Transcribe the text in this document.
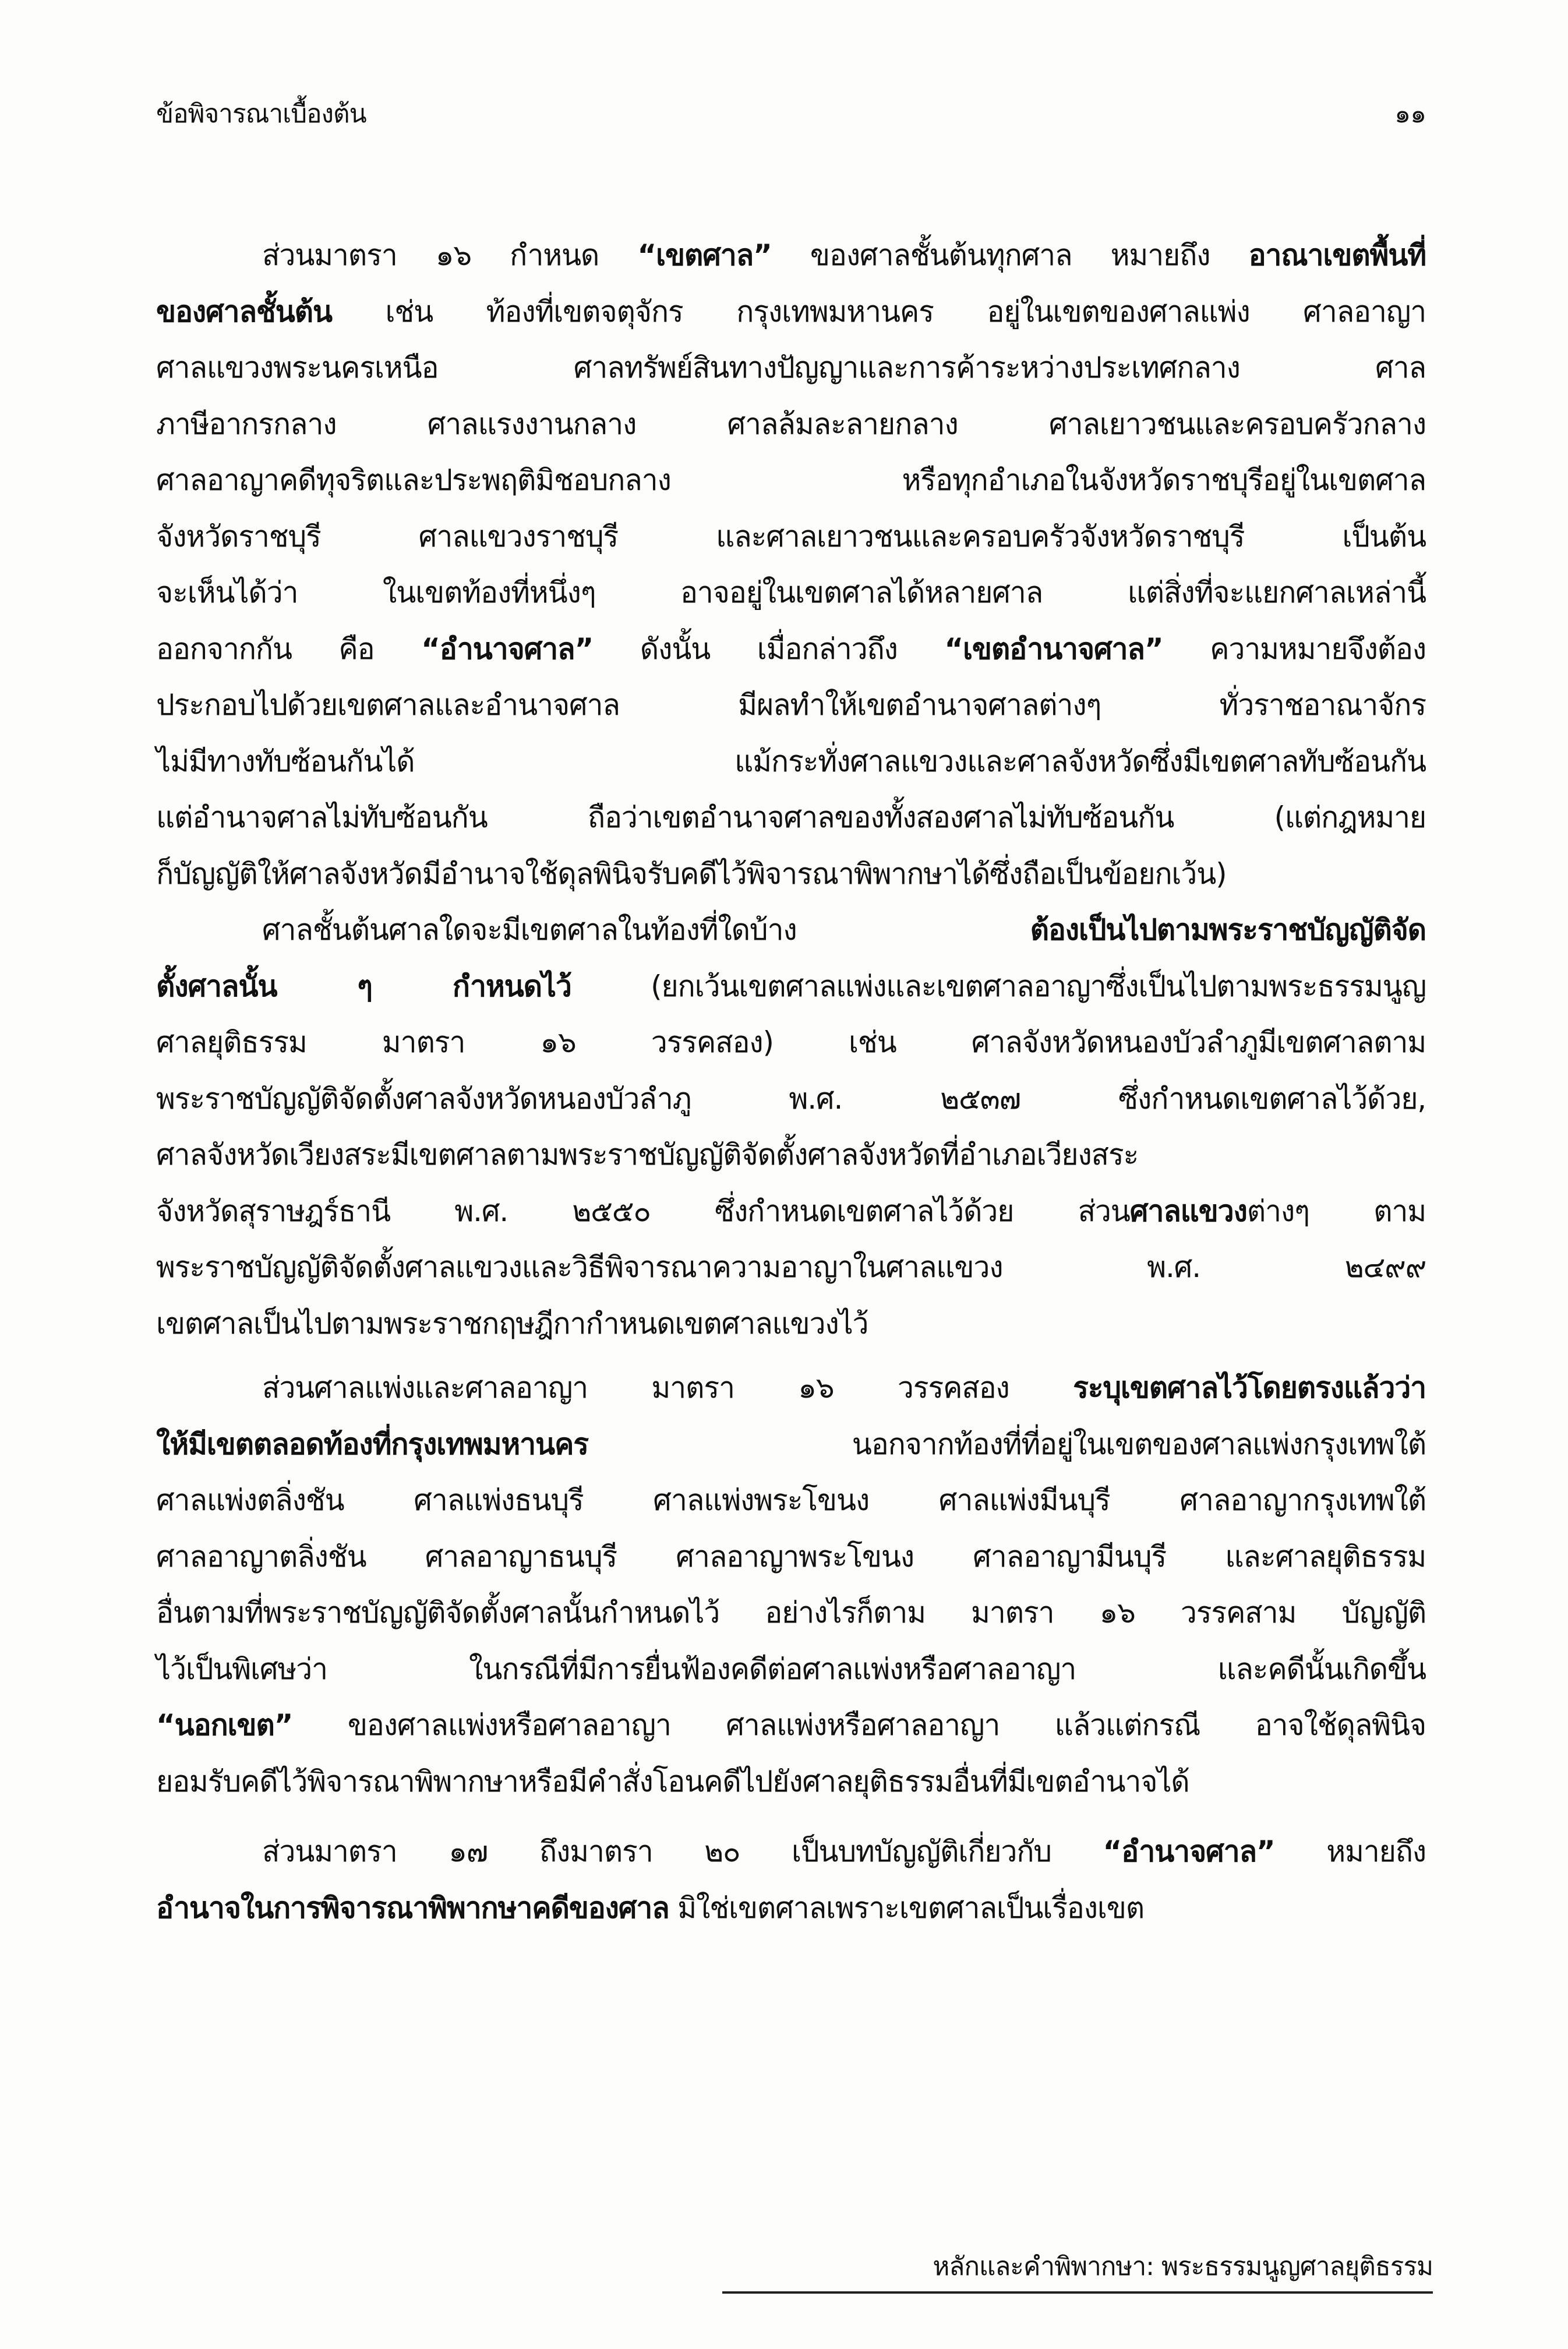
ข้อพิจารณาเบื้องต้น	๑๑
ส่วนมาตรา ๑๖ กำหนด “เขตศาล” ของศาลชั้นต้นทุกศาล หมายถึง อาณาเขตพื้นที่
ของศาลชั้นต้น เช่น ท้องที่เขตจตุจักร กรุงเทพมหานคร อยู่ในเขตของศาลแพ่ง ศาลอาญา
ศาลแขวงพระนครเหนือ ศาลทรัพย์สินทางปัญญาและการค้าระหว่างประเทศกลาง ศาล
ภาษีอากรกลาง ศาลแรงงานกลาง ศาลล้มละลายกลาง ศาลเยาวชนและครอบครัวกลาง
ศาลอาญาคดีทุจริตและประพฤติมิชอบกลาง หรือทุกอำเภอในจังหวัดราชบุรีอยู่ในเขตศาล
จังหวัดราชบุรี ศาลแขวงราชบุรี และศาลเยาวชนและครอบครัวจังหวัดราชบุรี เป็นต้น
จะเห็นได้ว่า ในเขตท้องที่หนึ่งๆ อาจอยู่ในเขตศาลได้หลายศาล แต่สิ่งที่จะแยกศาลเหล่านี้
ออกจากกัน คือ “อำนาจศาล” ดังนั้น เมื่อกล่าวถึง “เขตอำนาจศาล” ความหมายจึงต้อง
ประกอบไปด้วยเขตศาลและอำนาจศาล มีผลทำให้เขตอำนาจศาลต่างๆ ทั่วราชอาณาจักร
ไม่มีทางทับซ้อนกันได้ แม้กระทั่งศาลแขวงและศาลจังหวัดซึ่งมีเขตศาลทับซ้อนกัน
แต่อำนาจศาลไม่ทับซ้อนกัน ถือว่าเขตอำนาจศาลของทั้งสองศาลไม่ทับซ้อนกัน (แต่กฎหมาย
ก็บัญญัติให้ศาลจังหวัดมีอำนาจใช้ดุลพินิจรับคดีไว้พิจารณาพิพากษาได้ซึ่งถือเป็นข้อยกเว้น)
ศาลชั้นต้นศาลใดจะมีเขตศาลในท้องที่ใดบ้าง ต้องเป็นไปตามพระราชบัญญัติจัด
ตั้งศาลนั้น ๆ กำหนดไว้ (ยกเว้นเขตศาลแพ่งและเขตศาลอาญาซึ่งเป็นไปตามพระธรรมนูญ
ศาลยุติธรรม มาตรา ๑๖ วรรคสอง) เช่น ศาลจังหวัดหนองบัวลำภูมีเขตศาลตาม
พระราชบัญญัติจัดตั้งศาลจังหวัดหนองบัวลำภู พ.ศ. ๒๕๓๗ ซึ่งกำหนดเขตศาลไว้ด้วย,
ศาลจังหวัดเวียงสระมีเขตศาลตามพระราชบัญญัติจัดตั้งศาลจังหวัดที่อำเภอเวียงสระ
จังหวัดสุราษฎร์ธานี พ.ศ. ๒๕๕๐ ซึ่งกำหนดเขตศาลไว้ด้วย ส่วนศาลแขวงต่างๆ ตาม
พระราชบัญญัติจัดตั้งศาลแขวงและวิธีพิจารณาความอาญาในศาลแขวง พ.ศ. ๒๔๙๙
เขตศาลเป็นไปตามพระราชกฤษฎีกากำหนดเขตศาลแขวงไว้
ส่วนศาลแพ่งและศาลอาญา มาตรา ๑๖ วรรคสอง ระบุเขตศาลไว้โดยตรงแล้วว่า
ให้มีเขตตลอดท้องที่กรุงเทพมหานคร นอกจากท้องที่ที่อยู่ในเขตของศาลแพ่งกรุงเทพใต้
ศาลแพ่งตลิ่งชัน ศาลแพ่งธนบุรี ศาลแพ่งพระโขนง ศาลแพ่งมีนบุรี ศาลอาญากรุงเทพใต้
ศาลอาญาตลิ่งชัน ศาลอาญาธนบุรี ศาลอาญาพระโขนง ศาลอาญามีนบุรี และศาลยุติธรรม
อื่นตามที่พระราชบัญญัติจัดตั้งศาลนั้นกำหนดไว้ อย่างไรก็ตาม มาตรา ๑๖ วรรคสาม บัญญัติ
ไว้เป็นพิเศษว่า ในกรณีที่มีการยื่นฟ้องคดีต่อศาลแพ่งหรือศาลอาญา และคดีนั้นเกิดขึ้น
“นอกเขต” ของศาลแพ่งหรือศาลอาญา ศาลแพ่งหรือศาลอาญา แล้วแต่กรณี อาจใช้ดุลพินิจ
ยอมรับคดีไว้พิจารณาพิพากษาหรือมีคำสั่งโอนคดีไปยังศาลยุติธรรมอื่นที่มีเขตอำนาจได้
ส่วนมาตรา ๑๗ ถึงมาตรา ๒๐ เป็นบทบัญญัติเกี่ยวกับ “อำนาจศาล” หมายถึง
อำนาจในการพิจารณาพิพากษาคดีของศาล มิใช่เขตศาลเพราะเขตศาลเป็นเรื่องเขต
หลักและคำพิพากษา: พระธรรมนูญศาลยุติธรรม
